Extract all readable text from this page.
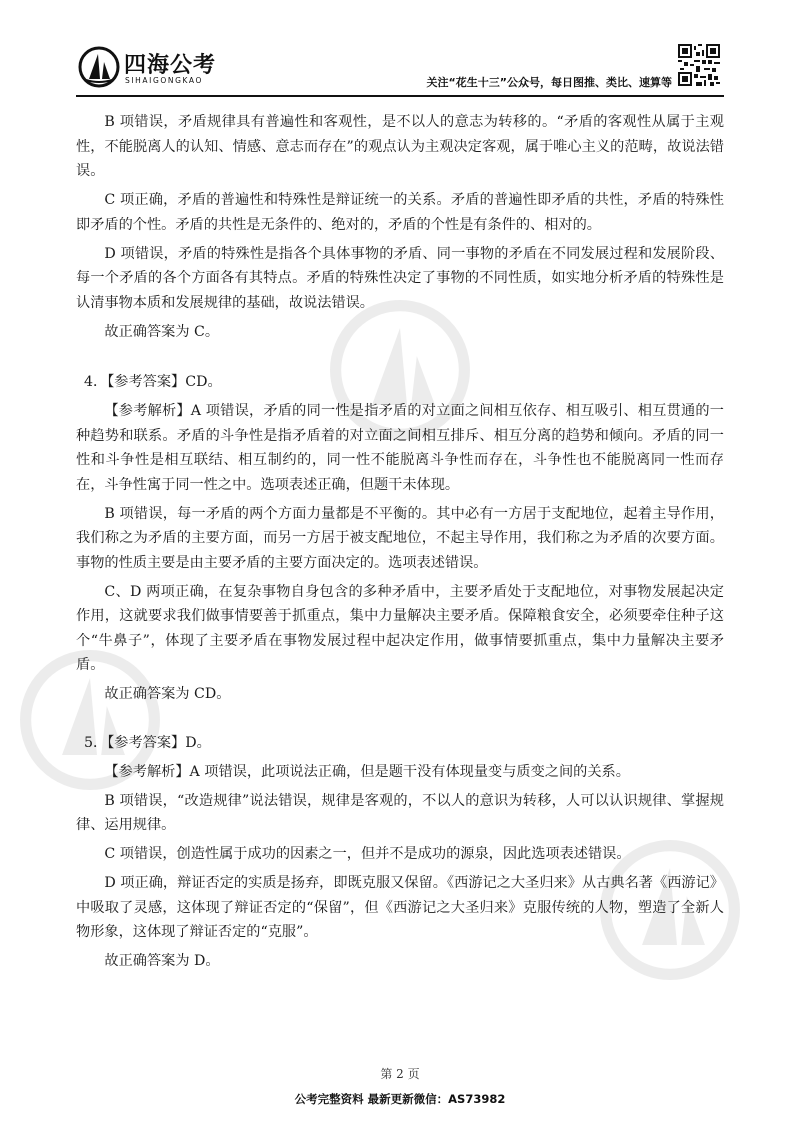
四海公考
SIHAIGONGKAO	关注“花生十三”公众号，每日图推、类比、速算等

B 项错误，矛盾规律具有普遍性和客观性，是不以人的意志为转移的。“矛盾的客观性从属于主观性，不能脱离人的认知、情感、意志而存在”的观点认为主观决定客观，属于唯心主义的范畴，故说法错误。

C 项正确，矛盾的普遍性和特殊性是辩证统一的关系。矛盾的普遍性即矛盾的共性，矛盾的特殊性即矛盾的个性。矛盾的共性是无条件的、绝对的，矛盾的个性是有条件的、相对的。

D 项错误，矛盾的特殊性是指各个具体事物的矛盾、同一事物的矛盾在不同发展过程和发展阶段、每一个矛盾的各个方面各有其特点。矛盾的特殊性决定了事物的不同性质，如实地分析矛盾的特殊性是认清事物本质和发展规律的基础，故说法错误。

故正确答案为 C。

4．【参考答案】CD。

【参考解析】A 项错误，矛盾的同一性是指矛盾的对立面之间相互依存、相互吸引、相互贯通的一种趋势和联系。矛盾的斗争性是指矛盾着的对立面之间相互排斥、相互分离的趋势和倾向。矛盾的同一性和斗争性是相互联结、相互制约的，同一性不能脱离斗争性而存在，斗争性也不能脱离同一性而存在，斗争性寓于同一性之中。选项表述正确，但题干未体现。

B 项错误，每一矛盾的两个方面力量都是不平衡的。其中必有一方居于支配地位，起着主导作用，我们称之为矛盾的主要方面，而另一方居于被支配地位，不起主导作用，我们称之为矛盾的次要方面。事物的性质主要是由主要矛盾的主要方面决定的。选项表述错误。

C、D 两项正确，在复杂事物自身包含的多种矛盾中，主要矛盾处于支配地位，对事物发展起决定作用，这就要求我们做事情要善于抓重点，集中力量解决主要矛盾。保障粮食安全，必须要牵住种子这个“牛鼻子”，体现了主要矛盾在事物发展过程中起决定作用，做事情要抓重点，集中力量解决主要矛盾。

故正确答案为 CD。

5．【参考答案】D。

【参考解析】A 项错误，此项说法正确，但是题干没有体现量变与质变之间的关系。

B 项错误，“改造规律”说法错误，规律是客观的，不以人的意识为转移，人可以认识规律、掌握规律、运用规律。

C 项错误，创造性属于成功的因素之一，但并不是成功的源泉，因此选项表述错误。

D 项正确，辩证否定的实质是扬弃，即既克服又保留。《西游记之大圣归来》从古典名著《西游记》中吸取了灵感，这体现了辩证否定的“保留”，但《西游记之大圣归来》克服传统的人物，塑造了全新人物形象，这体现了辩证否定的“克服”。

故正确答案为 D。

第 2 页
公考完整资料 最新更新微信：AS73982
